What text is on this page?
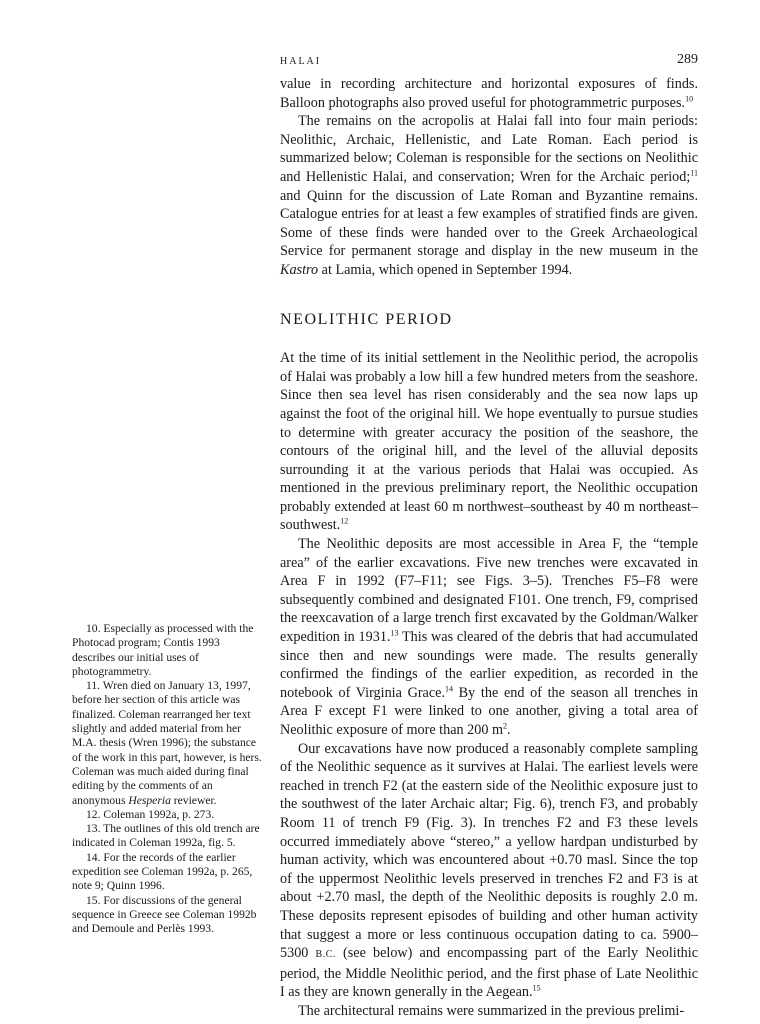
HALAI	289

value in recording architecture and horizontal exposures of finds. Balloon photographs also proved useful for photogrammetric purposes.$^{10}$

The remains on the acropolis at Halai fall into four main periods: Neolithic, Archaic, Hellenistic, and Late Roman. Each period is summarized below; Coleman is responsible for the sections on Neolithic and Hellenistic Halai, and conservation; Wren for the Archaic period;$^{11}$ and Quinn for the discussion of Late Roman and Byzantine remains. Catalogue entries for at least a few examples of stratified finds are given. Some of these finds were handed over to the Greek Archaeological Service for permanent storage and display in the new museum in the Kastro at Lamia, which opened in September 1994.

NEOLITHIC PERIOD

At the time of its initial settlement in the Neolithic period, the acropolis of Halai was probably a low hill a few hundred meters from the seashore. Since then sea level has risen considerably and the sea now laps up against the foot of the original hill. We hope eventually to pursue studies to determine with greater accuracy the position of the seashore, the contours of the original hill, and the level of the alluvial deposits surrounding it at the various periods that Halai was occupied. As mentioned in the previous preliminary report, the Neolithic occupation probably extended at least 60 m northwest–southeast by 40 m northeast–southwest.$^{12}$

The Neolithic deposits are most accessible in Area F, the “temple area” of the earlier excavations. Five new trenches were excavated in Area F in 1992 (F7–F11; see Figs. 3–5). Trenches F5–F8 were subsequently combined and designated F101. One trench, F9, comprised the reexcavation of a large trench first excavated by the Goldman/Walker expedition in 1931.13 This was cleared of the debris that had accumulated since then and new soundings were made. The results generally confirmed the findings of the earlier expedition, as recorded in the notebook of Virginia Grace.$^{14}$ By the end of the season all trenches in Area F except F1 were linked to one another, giving a total area of Neolithic exposure of more than 200 $m^2$.

Our excavations have now produced a reasonably complete sampling of the Neolithic sequence as it survives at Halai. The earliest levels were reached in trench F2 (at the eastern side of the Neolithic exposure just to the southwest of the later Archaic altar; Fig. 6), trench F3, and probably Room 11 of trench F9 (Fig. 3). In trenches F2 and F3 these levels occurred immediately above “stereo,” a yellow hardpan undisturbed by human activity, which was encountered about +0.70 masl. Since the top of the uppermost Neolithic levels preserved in trenches F2 and F3 is at about +2.70 masl, the depth of the Neolithic deposits is roughly 2.0 m. These deposits represent episodes of building and other human activity that suggest a more or less continuous occupation dating to ca. 5900–5300 B.C. (see below) and encompassing part of the Early Neolithic period, the Middle Neolithic period, and the first phase of Late Neolithic I as they are known generally in the Aegean.$^{15}$

The architectural remains were summarized in the previous prelimi-

10. Especially as processed with the Photocad program; Contis 1993 describes our initial uses of photogrammetry.
11. Wren died on January 13, 1997, before her section of this article was finalized. Coleman rearranged her text slightly and added material from her M.A. thesis (Wren 1996); the substance of the work in this part, however, is hers. Coleman was much aided during final editing by the comments of an anonymous Hesperia reviewer.
12. Coleman 1992a, p. 273.
13. The outlines of this old trench are indicated in Coleman 1992a, fig. 5.
14. For the records of the earlier expedition see Coleman 1992a, p. 265, note 9; Quinn 1996.
15. For discussions of the general sequence in Greece see Coleman 1992b and Demoule and Perlès 1993.
